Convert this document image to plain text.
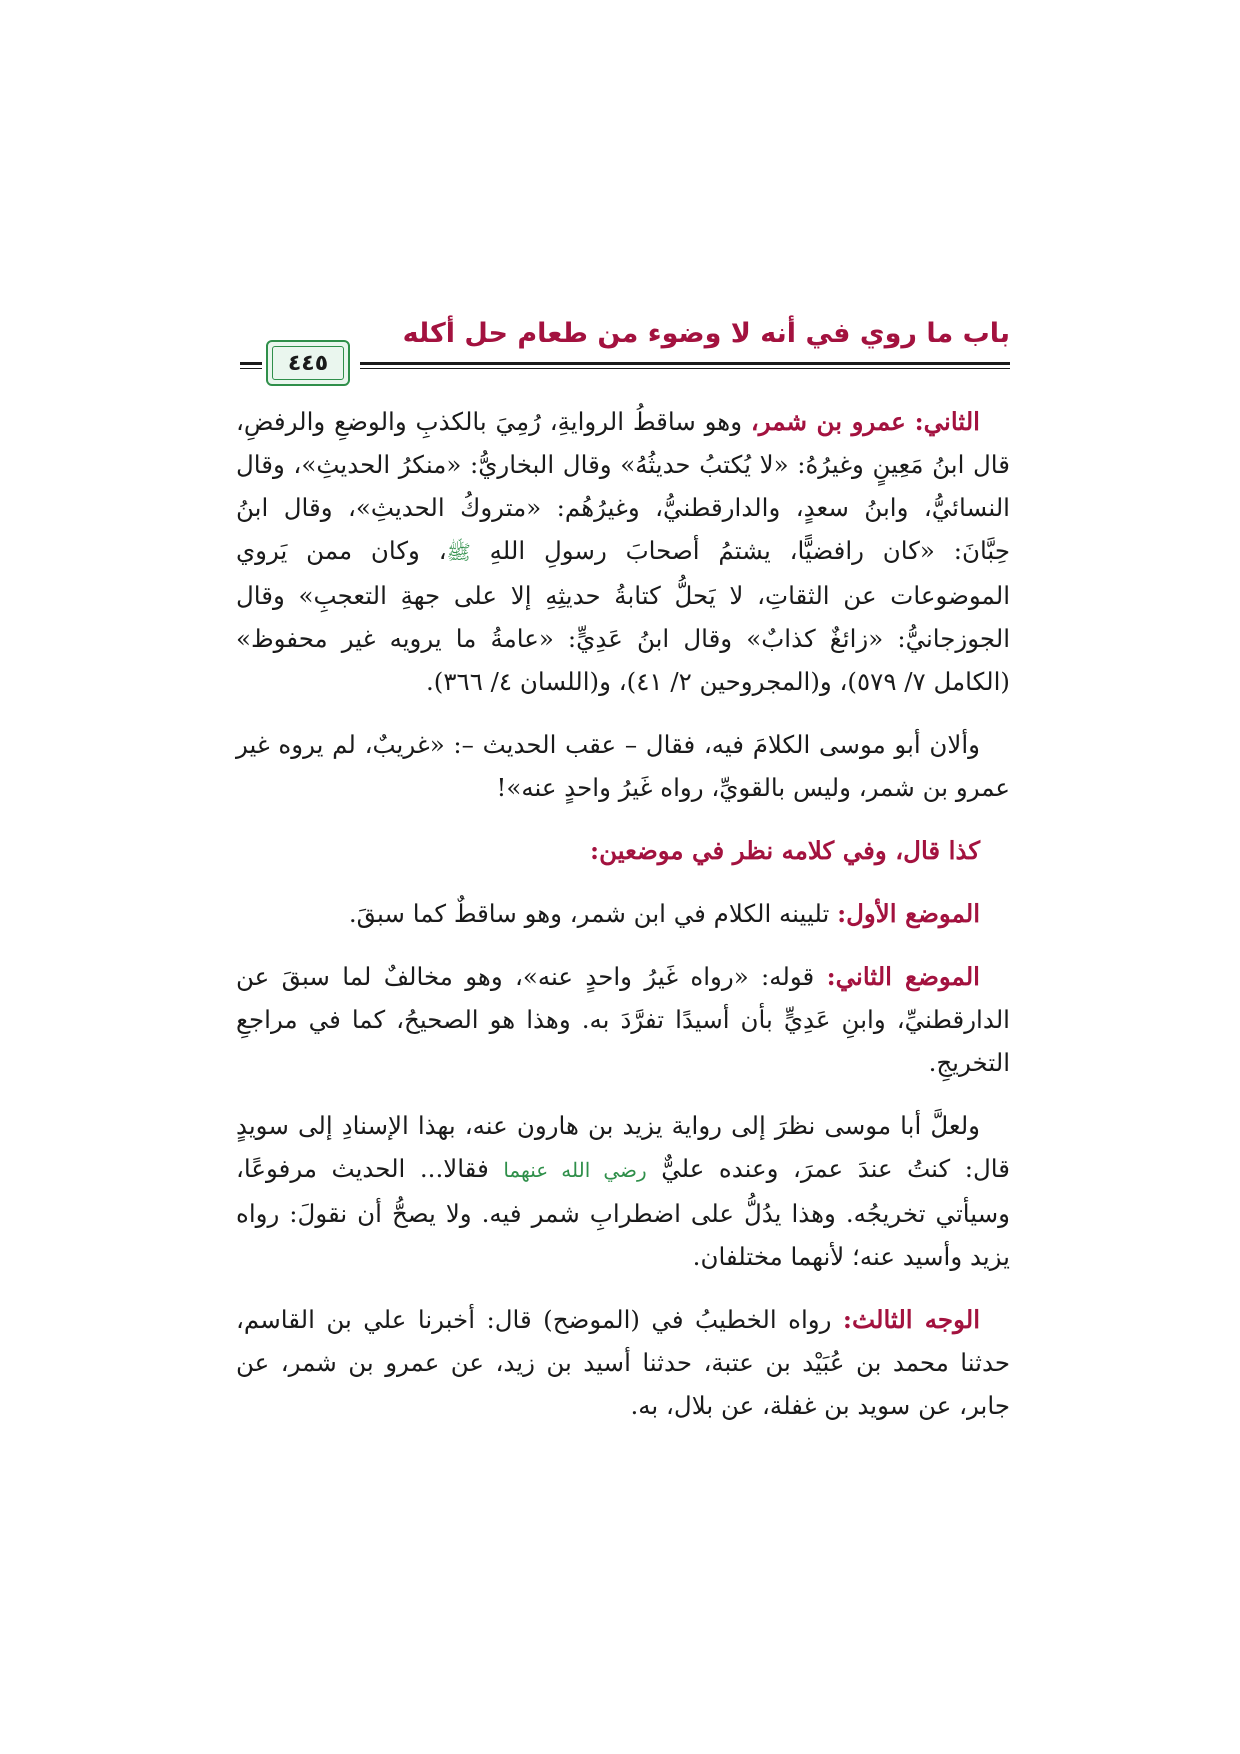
باب ما روي في أنه لا وضوء من طعام حل أكله
٤٤٥

الثاني: عمرو بن شمر، وهو ساقطُ الروايةِ، رُمِيَ بالكذبِ والوضعِ والرفضِ، قال ابنُ مَعِينٍ وغيرُهُ: «لا يُكتبُ حديثُهُ» وقال البخاريُّ: «منكرُ الحديثِ»، وقال النسائيُّ، وابنُ سعدٍ، والدارقطنيُّ، وغيرُهُم: «متروكُ الحديثِ»، وقال ابنُ حِبَّانَ: «كان رافضيًّا، يشتمُ أصحابَ رسولِ اللهِ ﷺ، وكان ممن يَروي الموضوعات عن الثقاتِ، لا يَحلُّ كتابةُ حديثِهِ إلا على جهةِ التعجبِ» وقال الجوزجانيُّ: «زائغٌ كذابٌ» وقال ابنُ عَدِيٍّ: «عامةُ ما يرويه غير محفوظ» (الكامل ٧/ ٥٧٩)، و(المجروحين ٢/ ٤١)، و(اللسان ٤/ ٣٦٦).

وألان أبو موسى الكلامَ فيه، فقال – عقب الحديث –: «غريبٌ، لم يروه غير عمرو بن شمر، وليس بالقويِّ، رواه غَيرُ واحدٍ عنه»!

كذا قال، وفي كلامه نظر في موضعين:

الموضع الأول: تليينه الكلام في ابن شمر، وهو ساقطٌ كما سبقَ.

الموضع الثاني: قوله: «رواه غَيرُ واحدٍ عنه»، وهو مخالفٌ لما سبقَ عن الدارقطنيِّ، وابنِ عَدِيٍّ بأن أسيدًا تفرَّدَ به. وهذا هو الصحيحُ، كما في مراجعِ التخريجِ.

ولعلَّ أبا موسى نظرَ إلى رواية يزيد بن هارون عنه، بهذا الإسنادِ إلى سويدٍ قال: كنتُ عندَ عمرَ، وعنده عليٌّ رضي الله عنهما فقالا... الحديث مرفوعًا، وسيأتي تخريجُه. وهذا يدُلُّ على اضطرابِ شمر فيه. ولا يصحُّ أن نقولَ: رواه يزيد وأسيد عنه؛ لأنهما مختلفان.

الوجه الثالث: رواه الخطيبُ في (الموضح) قال: أخبرنا علي بن القاسم، حدثنا محمد بن عُبَيْد بن عتبة، حدثنا أسيد بن زيد، عن عمرو بن شمر، عن جابر، عن سويد بن غفلة، عن بلال، به.
